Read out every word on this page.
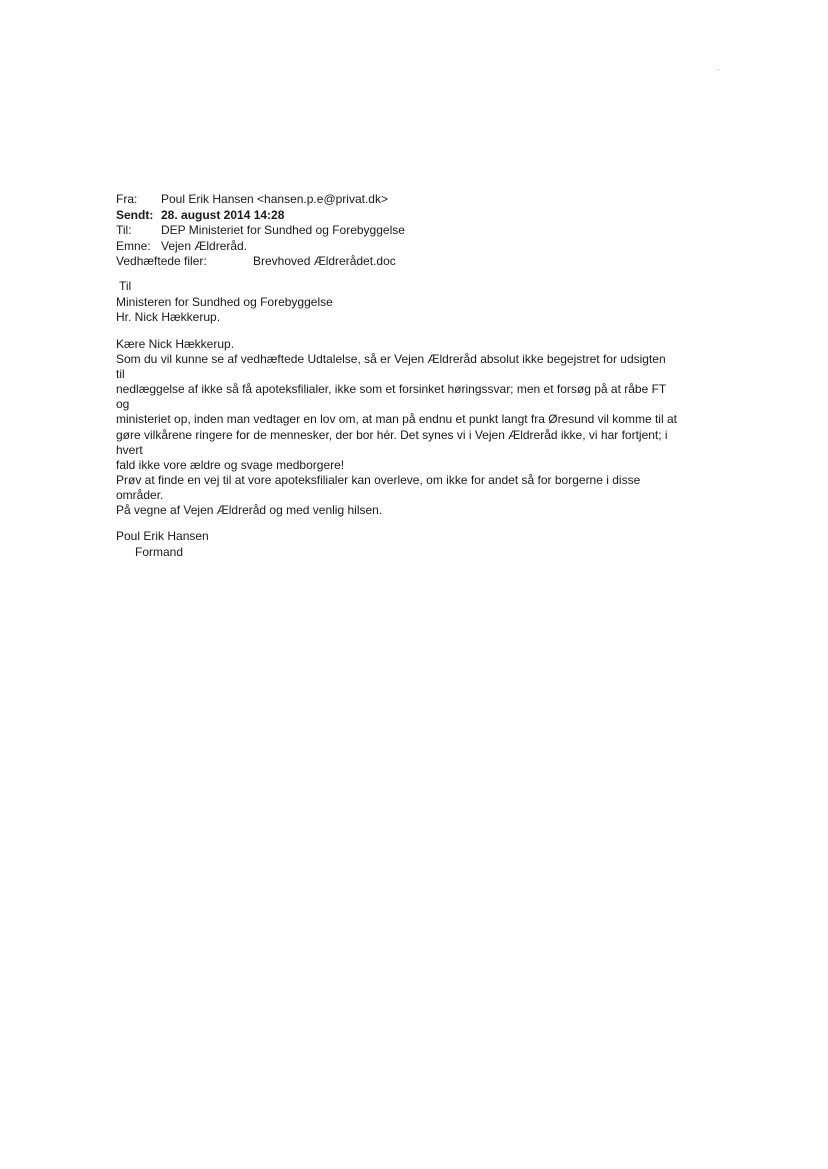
Fra: Poul Erik Hansen <hansen.p.e@privat.dk>
Sendt: 28. august 2014 14:28
Til: DEP Ministeriet for Sundhed og Forebyggelse
Emne: Vejen Ældreråd.
Vedhæftede filer:	Brevhoved Ældrerådet.doc
Til
Ministeren for Sundhed og Forebyggelse
Hr. Nick Hækkerup.
Kære Nick Hækkerup.
Som du vil kunne se af vedhæftede Udtalelse, så er Vejen Ældreråd absolut ikke begejstret for udsigten
til
nedlæggelse af ikke så få apoteksfilialer, ikke som et forsinket høringssvar; men et forsøg på at råbe FT
og
ministeriet op, inden man vedtager en lov om, at man på endnu et punkt langt fra Øresund vil komme til at
gøre vilkårene ringere for de mennesker, der bor hér. Det synes vi i Vejen Ældreråd ikke, vi har fortjent; i
hvert
fald ikke vore ældre og svage medborgere!
Prøv at finde en vej til at vore apoteksfilialer kan overleve, om ikke for andet så for borgerne i disse
områder.
På vegne af Vejen Ældreråd og med venlig hilsen.
Poul Erik Hansen
Formand
